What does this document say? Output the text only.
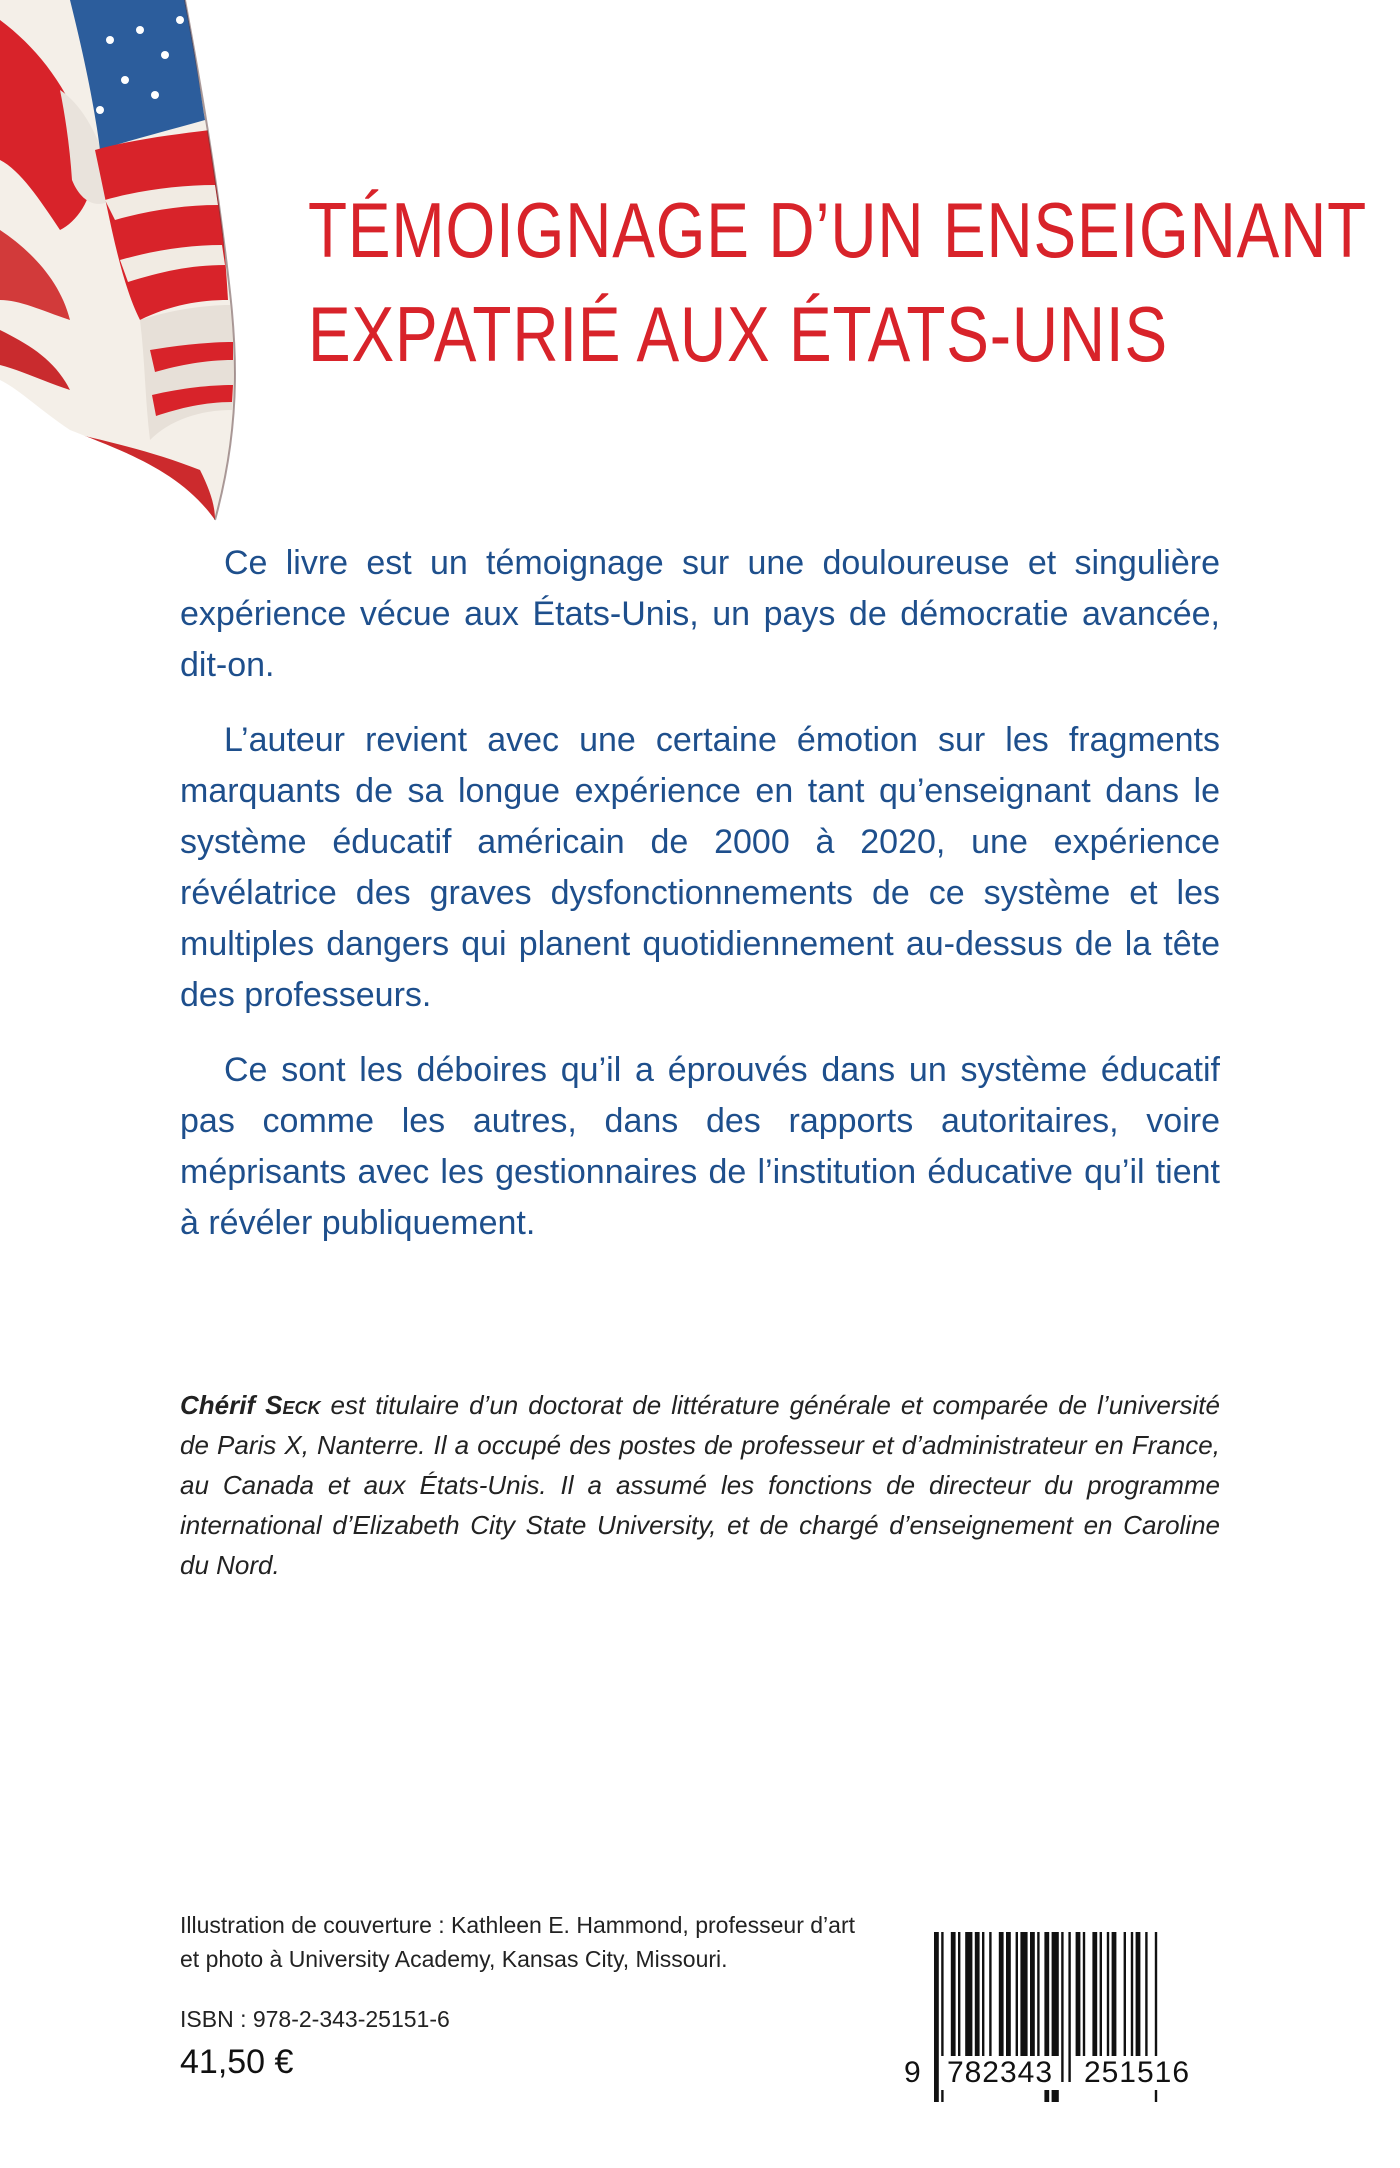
TÉMOIGNAGE D’UN ENSEIGNANT
EXPATRIÉ AUX ÉTATS-UNIS

Ce livre est un témoignage sur une douloureuse et singulière expérience vécue aux États-Unis, un pays de démocratie avancée, dit-on.

L’auteur revient avec une certaine émotion sur les fragments marquants de sa longue expérience en tant qu’enseignant dans le système éducatif américain de 2000 à 2020, une expérience révélatrice des graves dysfonctionnements de ce système et les multiples dangers qui planent quotidiennement au-dessus de la tête des professeurs.

Ce sont les déboires qu’il a éprouvés dans un système éducatif pas comme les autres, dans des rapports autoritaires, voire méprisants avec les gestionnaires de l’institution éducative qu’il tient à révéler publiquement.

Chérif Seck est titulaire d’un doctorat de littérature générale et comparée de l’université de Paris X, Nanterre. Il a occupé des postes de professeur et d’administrateur en France, au Canada et aux États-Unis. Il a assumé les fonctions de directeur du programme international d’Elizabeth City State University, et de chargé d’enseignement en Caroline du Nord.

Illustration de couverture : Kathleen E. Hammond, professeur d’art et photo à University Academy, Kansas City, Missouri.

ISBN : 978-2-343-25151-6

41,50 €	9 782343	251516
